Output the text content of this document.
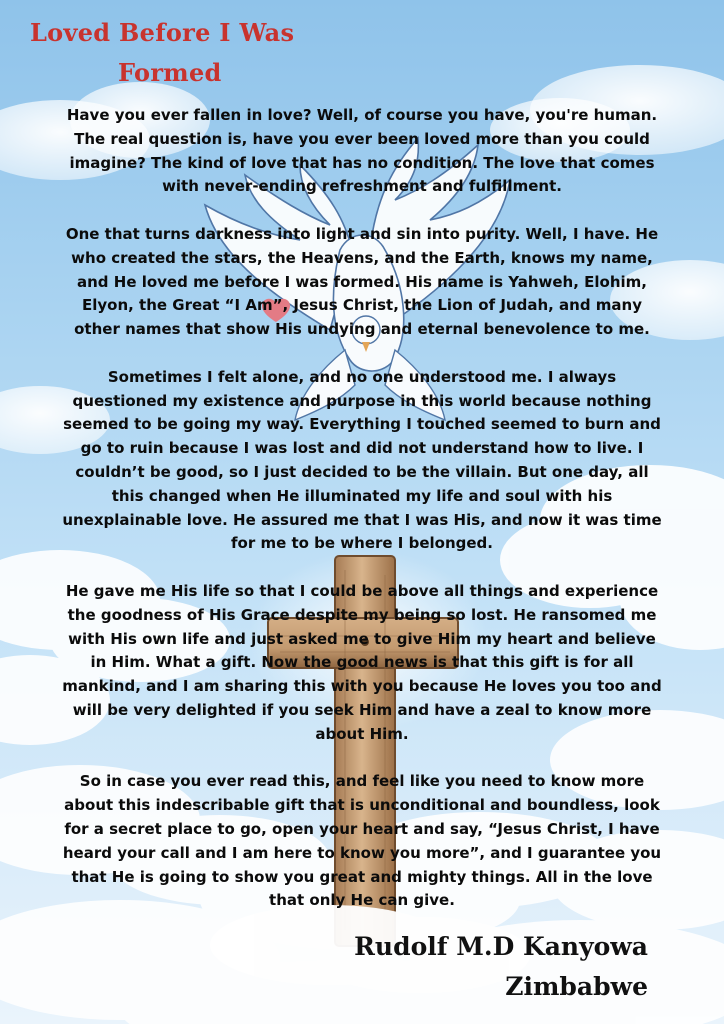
Loved Before I Was
Formed

Have you ever fallen in love? Well, of course you have, you're human. The real question is, have you ever been loved more than you could imagine? The kind of love that has no condition. The love that comes with never-ending refreshment and fulfillment.

One that turns darkness into light and sin into purity. Well, I have. He who created the stars, the Heavens, and the Earth, knows my name, and He loved me before I was formed. His name is Yahweh, Elohim, Elyon, the Great “I Am”, Jesus Christ, the Lion of Judah, and many other names that show His undying and eternal benevolence to me.

Sometimes I felt alone, and no one understood me. I always questioned my existence and purpose in this world because nothing seemed to be going my way. Everything I touched seemed to burn and go to ruin because I was lost and did not understand how to live. I couldn’t be good, so I just decided to be the villain. But one day, all this changed when He illuminated my life and soul with his unexplainable love. He assured me that I was His, and now it was time for me to be where I belonged.

He gave me His life so that I could be above all things and experience the goodness of His Grace despite my being so lost. He ransomed me with His own life and just asked me to give Him my heart and believe in Him. What a gift. Now the good news is that this gift is for all mankind, and I am sharing this with you because He loves you too and will be very delighted if you seek Him and have a zeal to know more about Him.

So in case you ever read this, and feel like you need to know more about this indescribable gift that is unconditional and boundless, look for a secret place to go, open your heart and say, “Jesus Christ, I have heard your call and I am here to know you more”, and I guarantee you that He is going to show you great and mighty things. All in the love that only He can give.

Rudolf M.D Kanyowa

Zimbabwe
